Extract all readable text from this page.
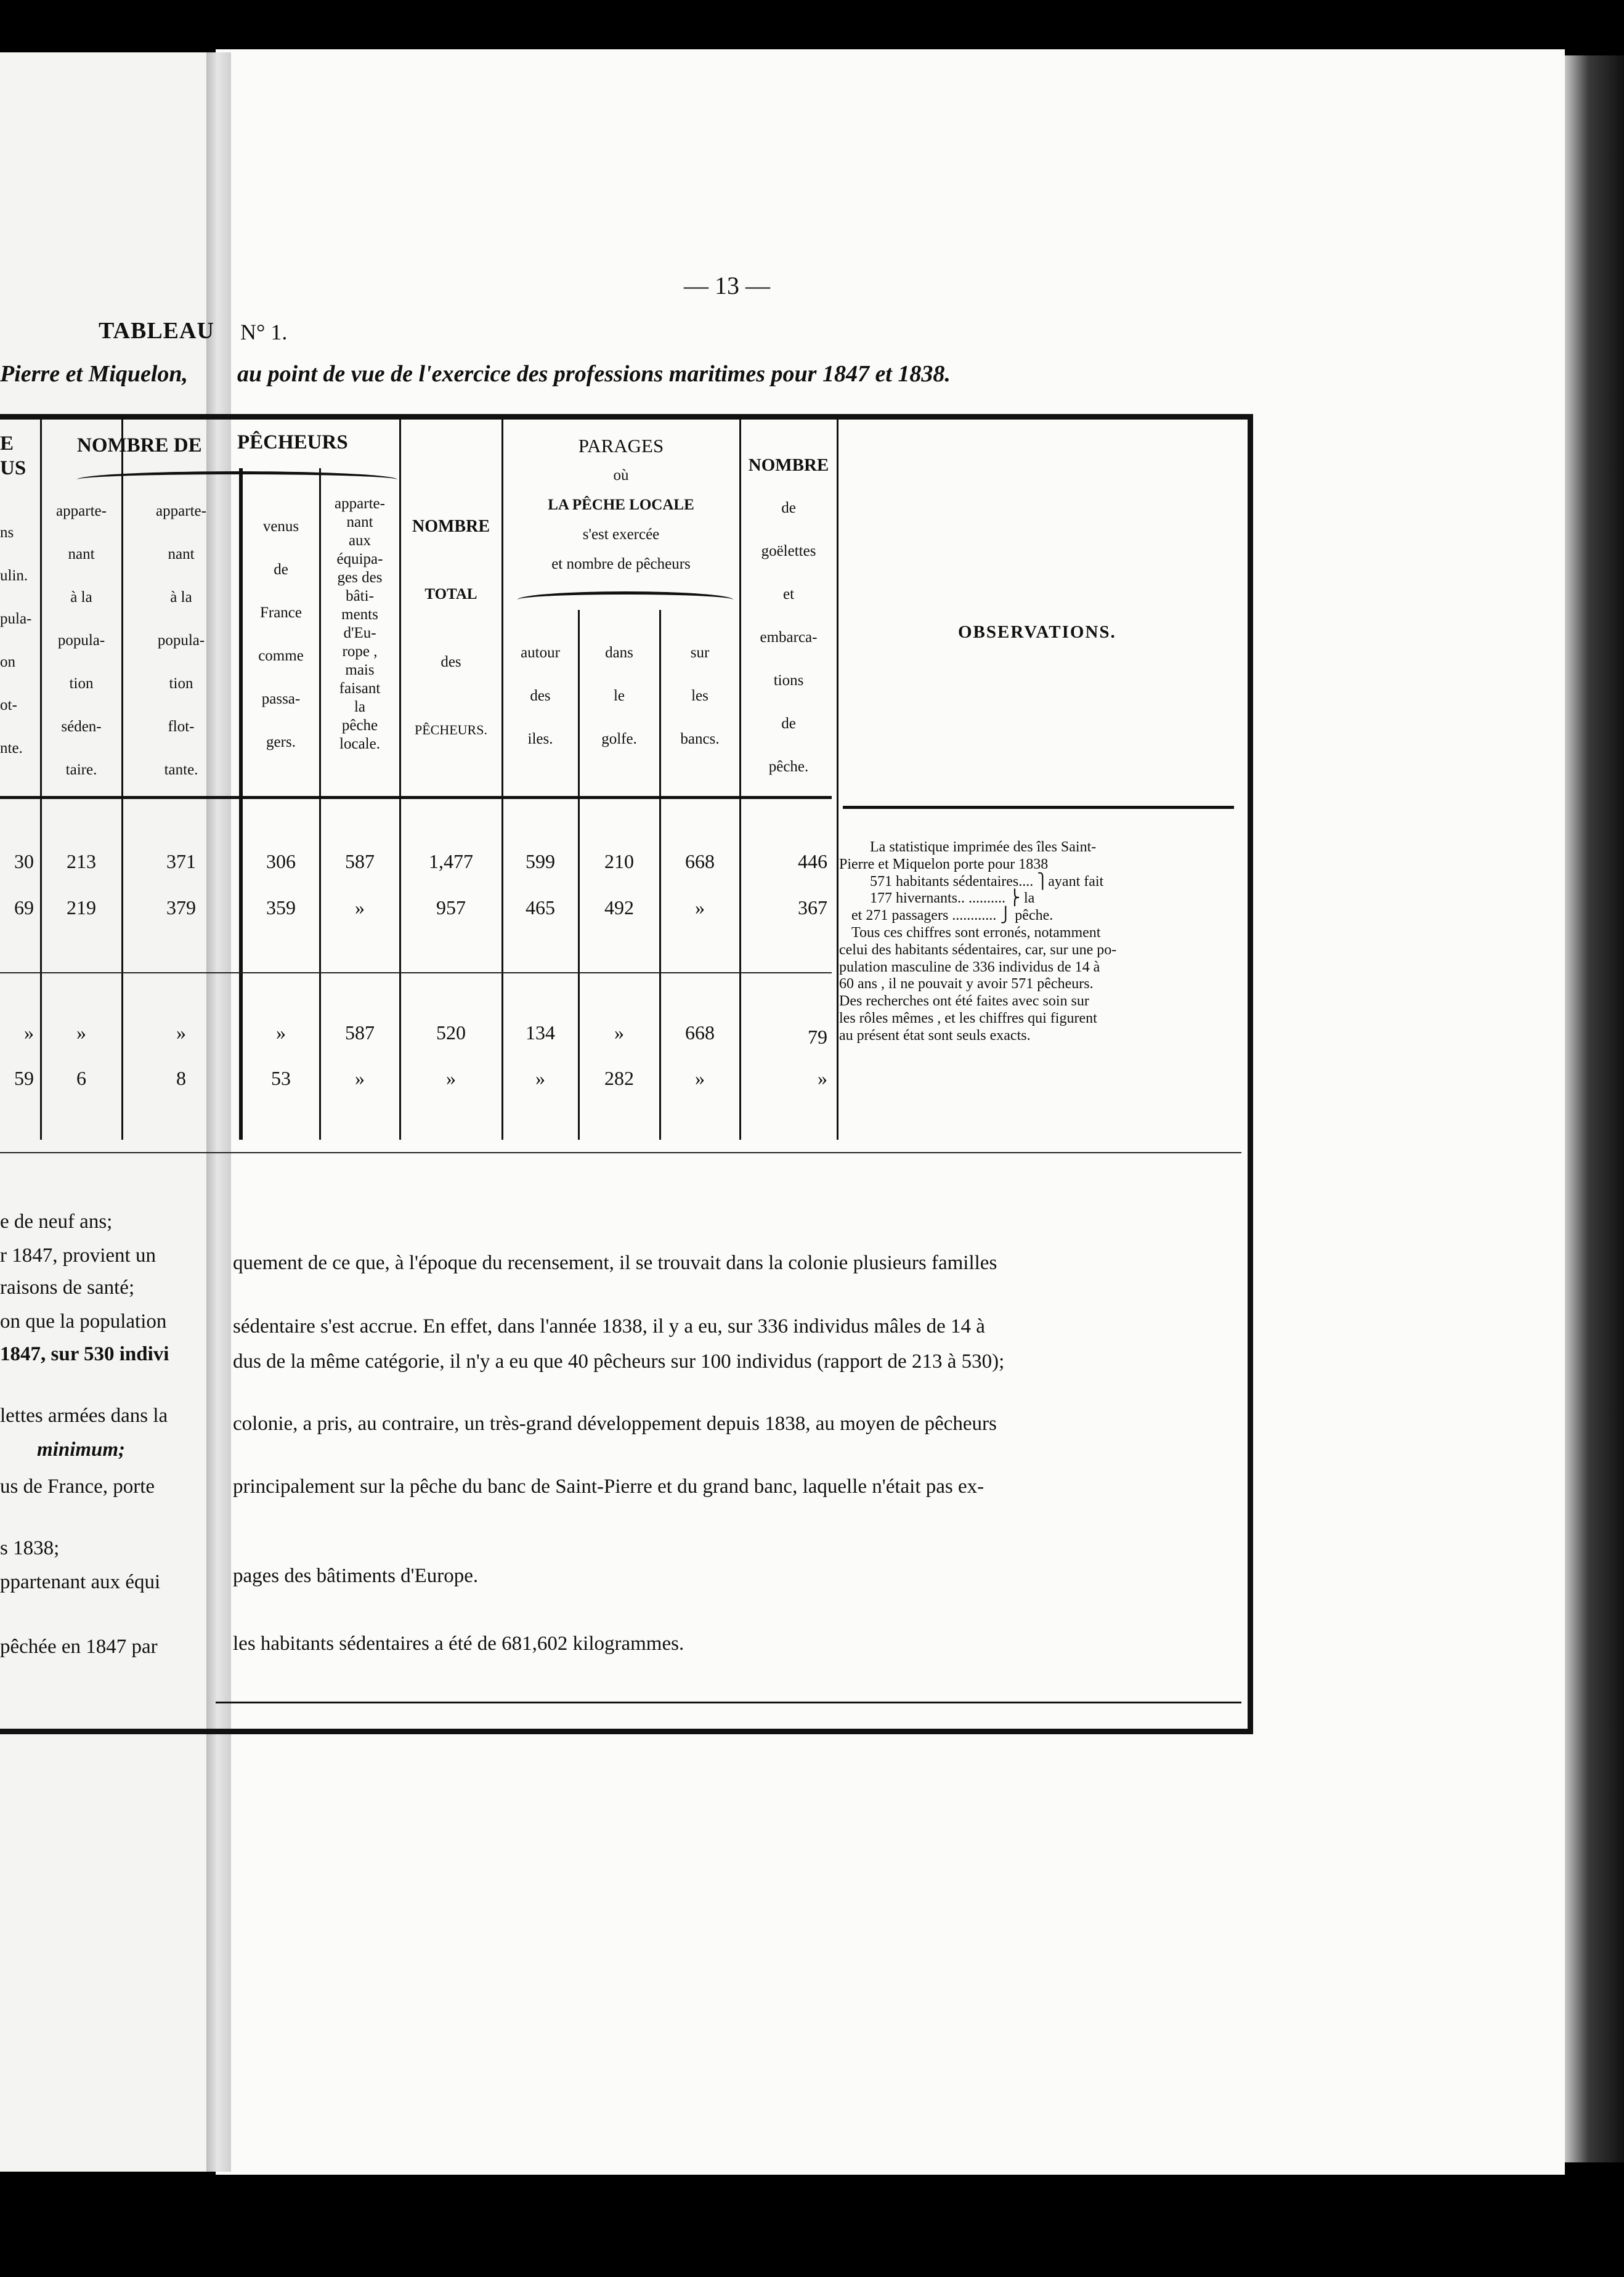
— 13 —
TABLEAU N° 1.
Pierre et Miquelon, au point de vue de l'exercice des professions maritimes pour 1847 et 1838.
E
US
ns
ulin.
pula-
on
ot-
nte.
NOMBRE DE PÊCHEURS
apparte-
nant
à la
popula-
tion
séden-
taire.
apparte-
nant
à la
popula-
tion
flot-
tante.
venus
de
France
comme
passa-
gers.
apparte-
nant
aux
équipa-
ges des
bâti-
ments
d'Eu-
rope ,
mais
faisant
la
pêche
locale.
NOMBRE
TOTAL
des
PÊCHEURS.
PARAGES
où
LA PÊCHE LOCALE
s'est exercée
et nombre de pêcheurs
autour
des
iles.
dans
le
golfe.
sur
les
bancs.
NOMBRE
de
goëlettes
et
embarca-
tions
de
pêche.
OBSERVATIONS.
30	213	371	306	587	1,477	599	210	668	446
69	219	379	359	»	957	465	492	»	367
»	»	»	»	587	520	134	»	668	79
59	6	8	53	»	»	»	282	»	»
La statistique imprimée des îles Saint-
Pierre et Miquelon porte pour 1838
571 habitants sédentaires.... ⎫ayant fait
177 hivernants.. .......... ⎬ la
et 271 passagers ............ ⎭ pêche.
Tous ces chiffres sont erronés, notamment
celui des habitants sédentaires, car, sur une po-
pulation masculine de 336 individus de 14 à
60 ans , il ne pouvait y avoir 571 pêcheurs.
Des recherches ont été faites avec soin sur
les rôles mêmes , et les chiffres qui figurent
au présent état sont seuls exacts.
e de neuf ans;
r 1847, provient un
raisons de santé;
on que la population
1847, sur 530 indivi
lettes armées dans la
minimum;
us de France, porte
s 1838;
ppartenant aux équi
pêchée en 1847 par
quement de ce que, à l'époque du recensement, il se trouvait dans la colonie plusieurs familles
sédentaire s'est accrue. En effet, dans l'année 1838, il y a eu, sur 336 individus mâles de 14 à
dus de la même catégorie, il n'y a eu que 40 pêcheurs sur 100 individus (rapport de 213 à 530);
colonie, a pris, au contraire, un très-grand développement depuis 1838, au moyen de pêcheurs
principalement sur la pêche du banc de Saint-Pierre et du grand banc, laquelle n'était pas ex-
pages des bâtiments d'Europe.
les habitants sédentaires a été de 681,602 kilogrammes.
